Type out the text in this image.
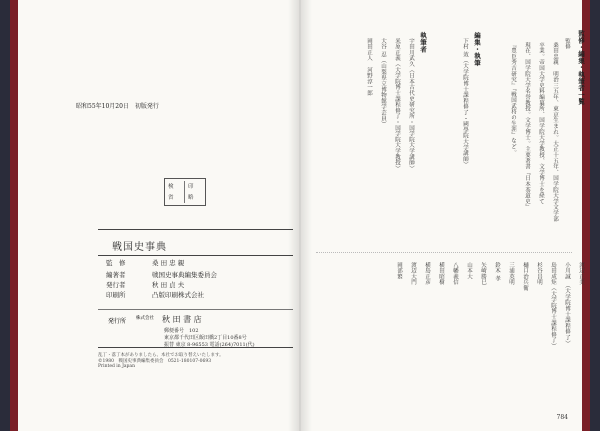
昭和55年10月20日　初版発行
検	印
省	略
戦国史事典
監　修	桑 田 忠 親
編著者	戦国史事典編集委員会
発行者	秋 田 貞 夫
印刷所	凸版印刷株式会社
発行所 株式会社 秋 田 書 店
郵便番号　102
東京都千代田区飯田橋2丁目10番8号
振替 東京 8-96553 電話(264)7011(代)
乱丁・落丁本がありましたら、本社でお取り替えいたします。
©1980　戦国史事典編集委員会　0521-180107-0693
Printed in Japan
監修・編集・執筆者一覧
監修
桑田忠親　明治三五年、東京生まれ。大正十五年、国学院大学文学部
卒業。帝国大学史料編纂所、国学院大学教授、文学博士を経て
現在、国学院大学名誉教授。文学博士。主要著書『日本茶道史』
『豊臣秀吉研究』『戦国武将の生涯』など。
編集・執筆
下村 效（大学院博士課程修了・國學院大学講師）
執筆者
宇田川武久（日本古代史研究所・国学院大学講師）
米原正義（大学院博士課程修了・国学院大学教授）
大谷 忍（山梨県立博物館学芸員）
岡田正人　河野淳一郎
渡辺正美
小川誠　（大学院博士課程修了）
島田成矩（大学院博士課程修了）
杉谷昌明
樋口治兵衛
三浦英明
鈴木 孝
矢崎勝巳
山本大
八幡義信
横田昭樹
横島正彦
渡辺大門
岡部繁
784
